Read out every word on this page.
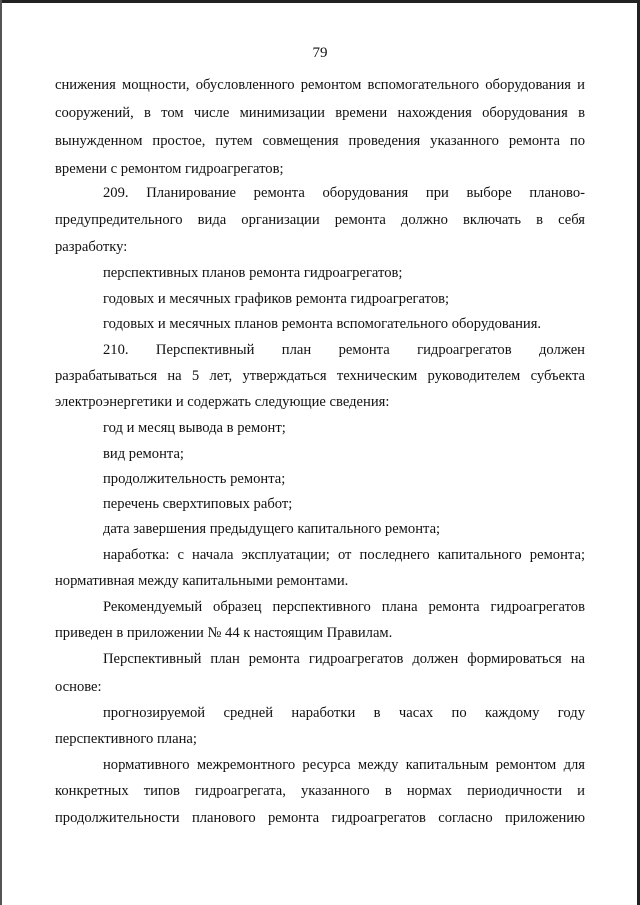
79
снижения мощности, обусловленного ремонтом вспомогательного оборудования и
сооружений, в том числе минимизации времени нахождения оборудования в
вынужденном простое, путем совмещения проведения указанного ремонта по
времени с ремонтом гидроагрегатов;
209. Планирование ремонта оборудования при выборе планово-
предупредительного вида организации ремонта должно включать в себя
разработку:
перспективных планов ремонта гидроагрегатов;
годовых и месячных графиков ремонта гидроагрегатов;
годовых и месячных планов ремонта вспомогательного оборудования.
210. Перспективный план ремонта гидроагрегатов должен
разрабатываться на 5 лет, утверждаться техническим руководителем субъекта
электроэнергетики и содержать следующие сведения:
год и месяц вывода в ремонт;
вид ремонта;
продолжительность ремонта;
перечень сверхтиповых работ;
дата завершения предыдущего капитального ремонта;
наработка: с начала эксплуатации; от последнего капитального ремонта;
нормативная между капитальными ремонтами.
Рекомендуемый образец перспективного плана ремонта гидроагрегатов
приведен в приложении № 44 к настоящим Правилам.
Перспективный план ремонта гидроагрегатов должен формироваться на
основе:
прогнозируемой средней наработки в часах по каждому году
перспективного плана;
нормативного межремонтного ресурса между капитальным ремонтом для
конкретных типов гидроагрегата, указанного в нормах периодичности и
продолжительности планового ремонта гидроагрегатов согласно приложению
